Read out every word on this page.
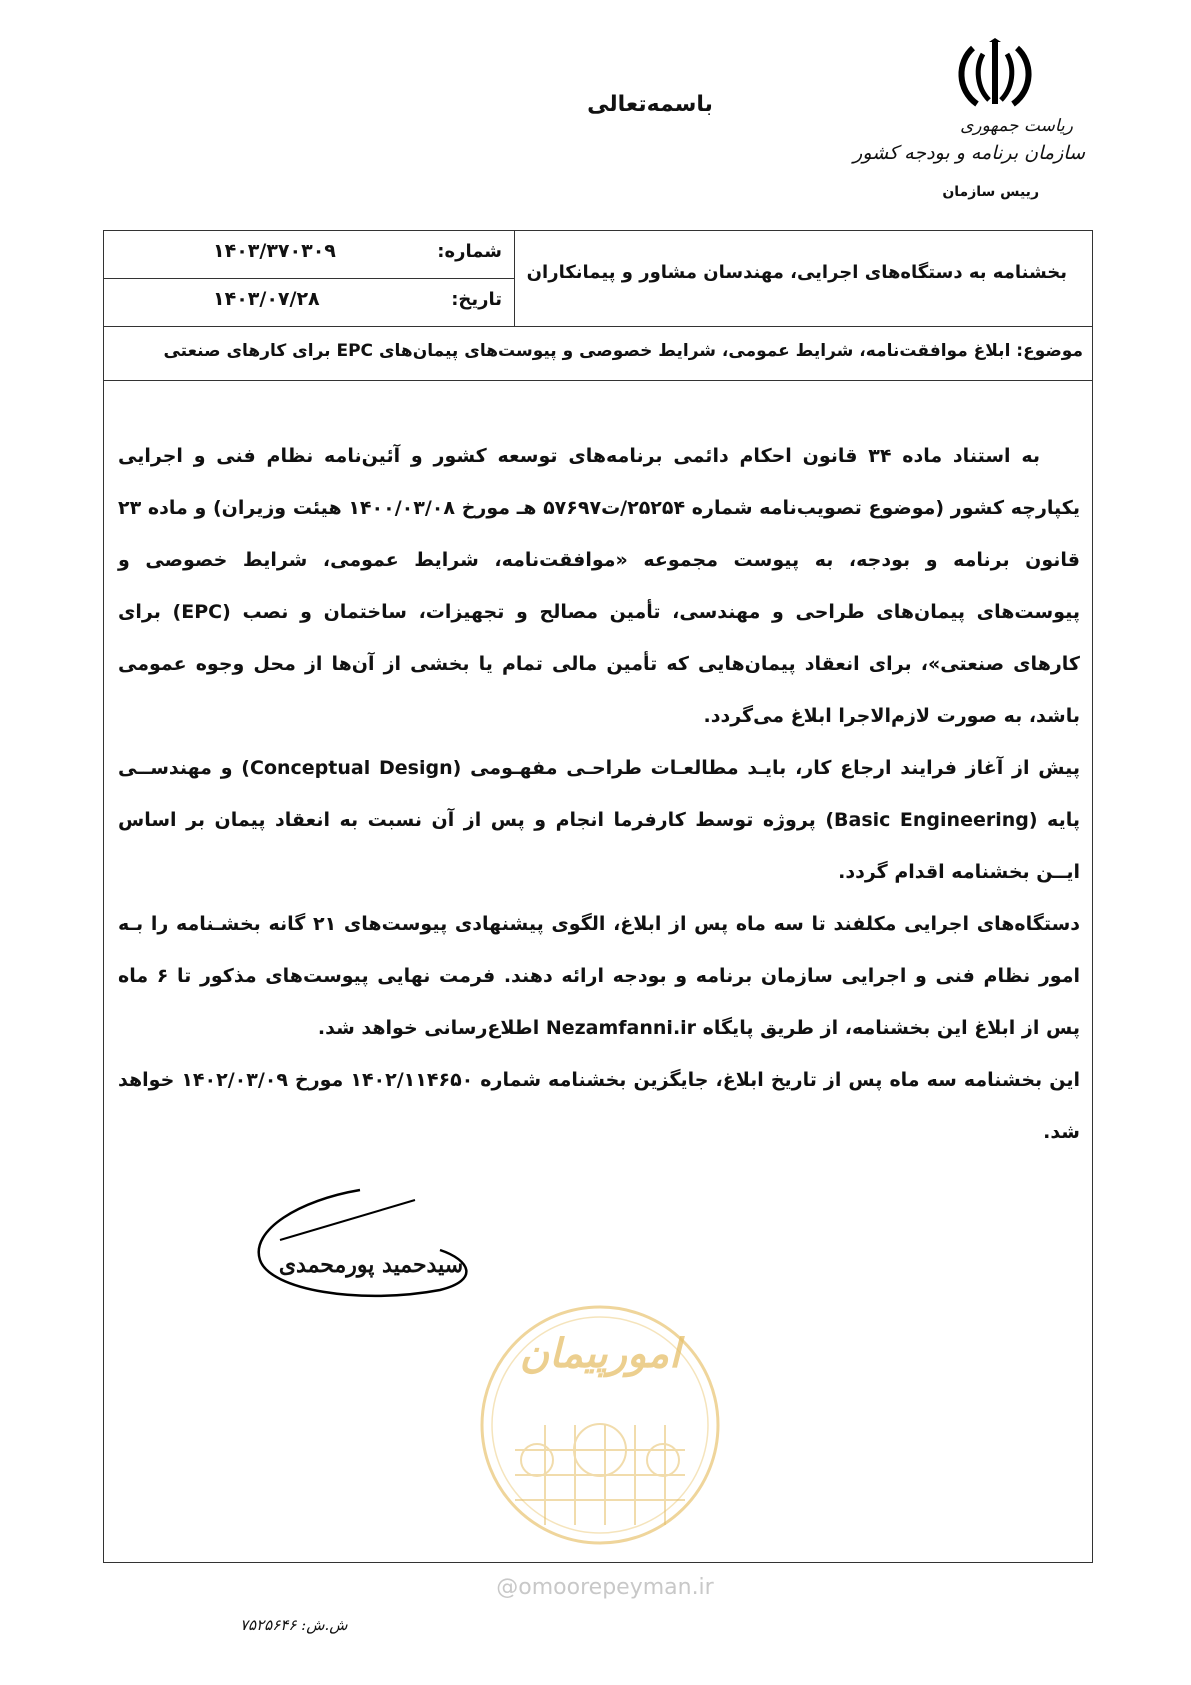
ریاست جمهوری
سازمان برنامه و بودجه کشور
رییس سازمان
باسمه‌تعالی
شماره:
۱۴۰۳/۳۷۰۳۰۹
تاریخ:
۱۴۰۳/۰۷/۲۸
بخشنامه به دستگاه‌های اجرایی، مهندسان مشاور و پیمانکاران
موضوع: ابلاغ موافقت‌نامه، شرایط عمومی، شرایط خصوصی و پیوست‌های پیمان‌های EPC برای کارهای صنعتی

به استناد ماده ۳۴ قانون احکام دائمی برنامه‌های توسعه کشور و آئین‌نامه نظام فنی و اجرایی یکپارچه کشور (موضوع تصویب‌نامه شماره ۲۵۲۵۴/ت۵۷۶۹۷ هـ مورخ ۱۴۰۰/۰۳/۰۸ هیئت وزیران) و ماده ۲۳ قانون برنامه و بودجه، به پیوست مجموعه «موافقت‌نامه، شرایط عمومی، شرایط خصوصی و پیوست‌های پیمان‌های طراحی و مهندسی، تأمین مصالح و تجهیزات، ساختمان و نصب (EPC) برای کارهای صنعتی»، برای انعقاد پیمان‌هایی که تأمین مالی تمام یا بخشی از آن‌ها از محل وجوه عمومی باشد، به صورت لازم‌الاجرا ابلاغ می‌گردد.

پیش از آغاز فرایند ارجاع کار، بایـد مطالعـات طراحـی مفهـومی (Conceptual Design) و مهندســی پایه (Basic Engineering) پروژه توسط کارفرما انجام و پس از آن نسبت به انعقاد پیمان بر اساس ایــن بخشنامه اقدام گردد.

دستگاه‌های اجرایی مکلفند تا سه ماه پس از ابلاغ، الگوی پیشنهادی پیوست‌های ۲۱ گانه بخشـنامه را بـه امور نظام فنی و اجرایی سازمان برنامه و بودجه ارائه دهند. فرمت نهایی پیوست‌های مذکور تا ۶ ماه پس از ابلاغ این بخشنامه، از طریق پایگاه Nezamfanni.ir اطلاع‌رسانی خواهد شد.

این بخشنامه سه ماه پس از تاریخ ابلاغ، جایگزین بخشنامه شماره ۱۴۰۲/۱۱۴۶۵۰ مورخ ۱۴۰۲/۰۳/۰۹ خواهد شد.

سیدحمید پورمحمدی
امورپیمان
@omoorepeyman.ir
ش.ش: ۷۵۲۵۶۴۶
